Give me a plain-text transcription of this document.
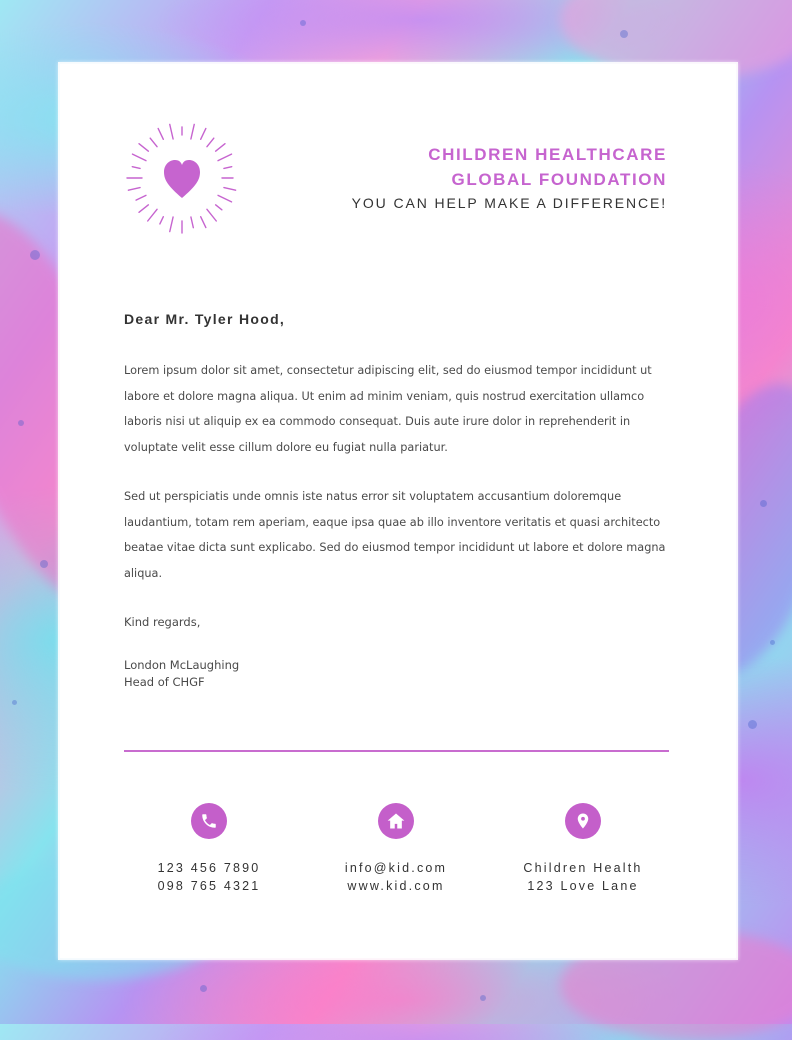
CHILDREN HEALTHCARE
GLOBAL FOUNDATION
YOU CAN HELP MAKE A DIFFERENCE!
Dear Mr. Tyler Hood,

Lorem ipsum dolor sit amet, consectetur adipiscing elit, sed do eiusmod tempor incididunt ut labore et dolore magna aliqua. Ut enim ad minim veniam, quis nostrud exercitation ullamco laboris nisi ut aliquip ex ea commodo consequat. Duis aute irure dolor in reprehenderit in voluptate velit esse cillum dolore eu fugiat nulla pariatur.

Sed ut perspiciatis unde omnis iste natus error sit voluptatem accusantium doloremque laudantium, totam rem aperiam, eaque ipsa quae ab illo inventore veritatis et quasi architecto beatae vitae dicta sunt explicabo. Sed do eiusmod tempor incididunt ut labore et dolore magna aliqua.

Kind regards,
London McLaughing
Head of CHGF
123 456 7890
098 765 4321
info@kid.com
www.kid.com
Children Health
123 Love Lane
